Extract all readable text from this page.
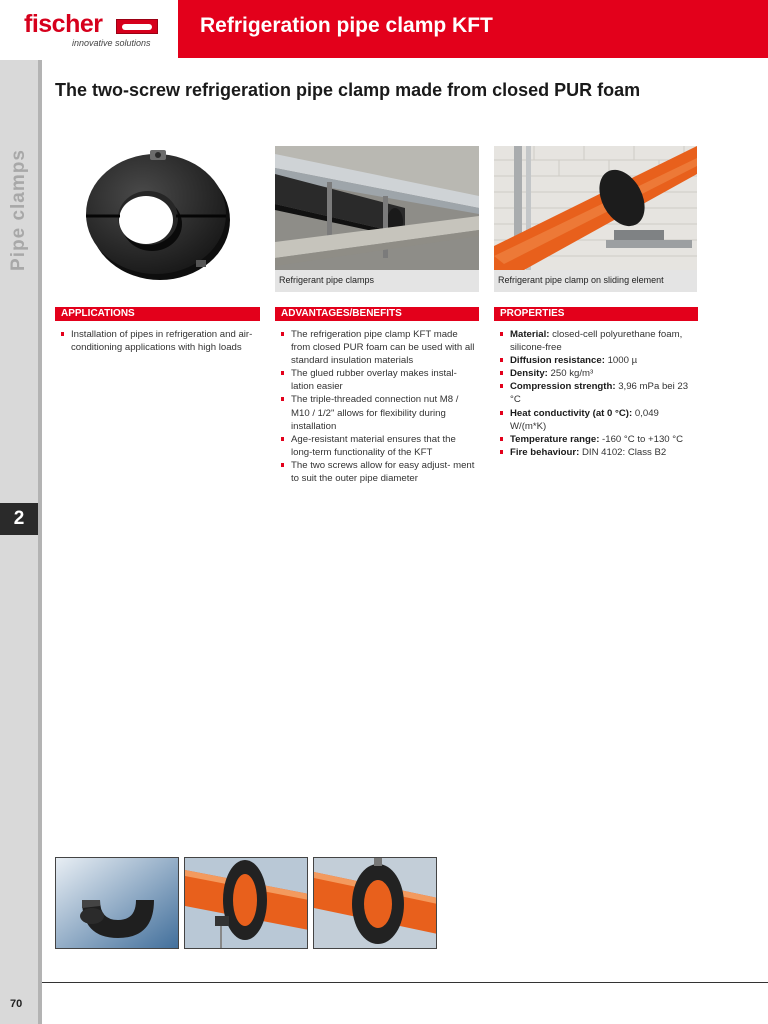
fischer
innovative solutions
Refrigeration pipe clamp KFT
Pipe clamps
2
70
The two-screw refrigeration pipe clamp made from closed PUR foam
Refrigerant pipe clamps	Refrigerant pipe clamp on sliding element
APPLICATIONS
Installation of pipes in refrigeration and air-conditioning applications with high loads
ADVANTAGES/BENEFITS
The refrigeration pipe clamp KFT made from closed PUR foam can be used with all standard insulation materials
The glued rubber overlay makes instal- lation easier
The triple-threaded connection nut M8 / M10 / 1/2" allows for flexibility during installation
Age-resistant material ensures that the long-term functionality of the KFT
The two screws allow for easy adjust- ment to suit the outer pipe diameter
PROPERTIES
Material: closed-cell polyurethane foam, silicone-free
Diffusion resistance: 1000 µ
Density: 250 kg/m³
Compression strength: 3,96 mPa bei 23 °C
Heat conductivity (at 0 °C): 0,049 W/(m*K)
Temperature range: -160 °C to +130 °C
Fire behaviour: DIN 4102: Class B2
